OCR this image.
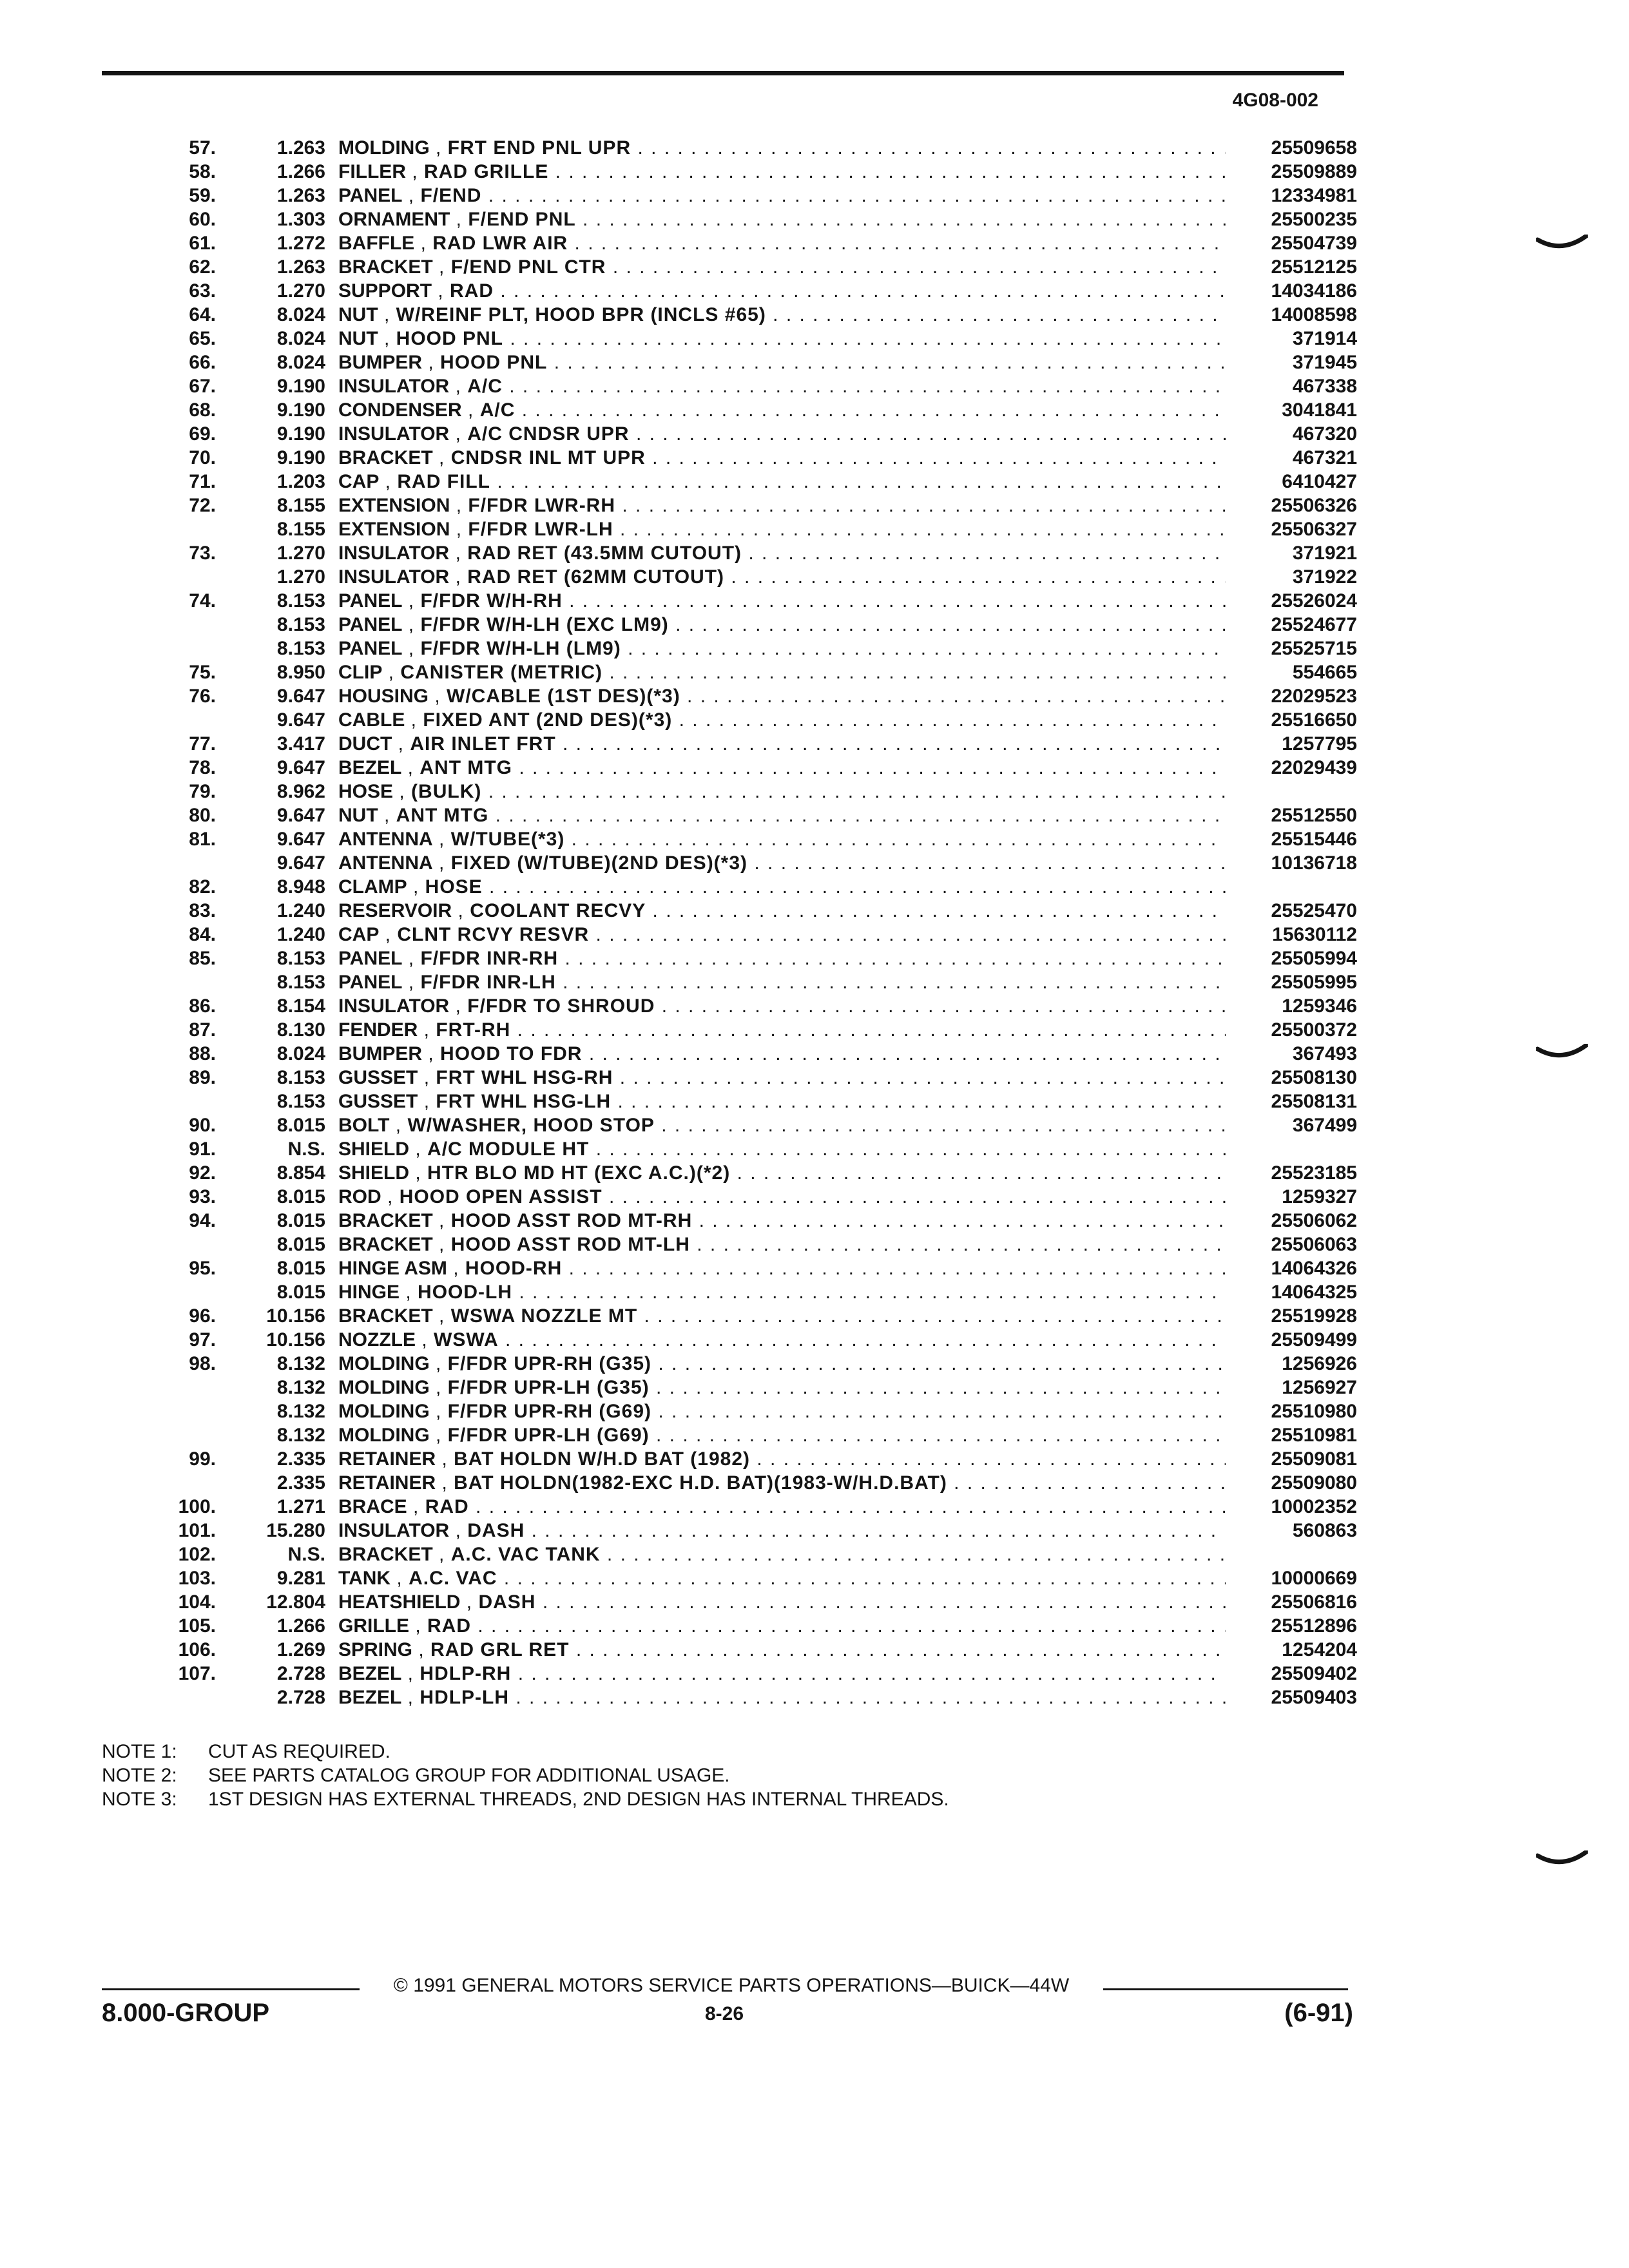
4G08-002
57.	1.263 MOLDING , FRT END PNL UPR . . .	25509658
58.	1.266 FILLER , RAD GRILLE . . .	25509889
59.	1.263 PANEL , F/END . . .	12334981
60.	1.303 ORNAMENT , F/END PNL . . .	25500235
61.	1.272 BAFFLE , RAD LWR AIR . . .	25504739
62.	1.263 BRACKET , F/END PNL CTR . . .	25512125
63.	1.270 SUPPORT , RAD . . .	14034186
64.	8.024 NUT , W/REINF PLT, HOOD BPR (INCLS #65) . . .	14008598
65.	8.024 NUT , HOOD PNL . . .	371914
66.	8.024 BUMPER , HOOD PNL . . .	371945
67.	9.190 INSULATOR , A/C . . .	467338
68.	9.190 CONDENSER , A/C . . .	3041841
69.	9.190 INSULATOR , A/C CNDSR UPR . . .	467320
70.	9.190 BRACKET , CNDSR INL MT UPR . . .	467321
71.	1.203 CAP , RAD FILL . . .	6410427
72.	8.155 EXTENSION , F/FDR LWR-RH . . .	25506326
8.155 EXTENSION , F/FDR LWR-LH . . .	25506327
73.	1.270 INSULATOR , RAD RET (43.5MM CUTOUT) . . .	371921
1.270 INSULATOR , RAD RET (62MM CUTOUT) . . .	371922
74.	8.153 PANEL , F/FDR W/H-RH . . .	25526024
8.153 PANEL , F/FDR W/H-LH (EXC LM9) . . .	25524677
8.153 PANEL , F/FDR W/H-LH (LM9) . . .	25525715
75.	8.950 CLIP , CANISTER (METRIC) . . .	554665
76.	9.647 HOUSING , W/CABLE (1ST DES)(*3) . . .	22029523
9.647 CABLE , FIXED ANT (2ND DES)(*3) . . .	25516650
77.	3.417 DUCT , AIR INLET FRT . . .	1257795
78.	9.647 BEZEL , ANT MTG . . .	22029439
79.	8.962 HOSE , (BULK) . . .
80.	9.647 NUT , ANT MTG . . .	25512550
81.	9.647 ANTENNA , W/TUBE(*3) . . .	25515446
9.647 ANTENNA , FIXED (W/TUBE)(2ND DES)(*3) . . .	10136718
82.	8.948 CLAMP , HOSE . . .
83.	1.240 RESERVOIR , COOLANT RECVY . . .	25525470
84.	1.240 CAP , CLNT RCVY RESVR . . .	15630112
85.	8.153 PANEL , F/FDR INR-RH . . .	25505994
8.153 PANEL , F/FDR INR-LH . . .	25505995
86.	8.154 INSULATOR , F/FDR TO SHROUD . . .	1259346
87.	8.130 FENDER , FRT-RH . . .	25500372
88.	8.024 BUMPER , HOOD TO FDR . . .	367493
89.	8.153 GUSSET , FRT WHL HSG-RH . . .	25508130
8.153 GUSSET , FRT WHL HSG-LH . . .	25508131
90.	8.015 BOLT , W/WASHER, HOOD STOP . . .	367499
91.	N.S. SHIELD , A/C MODULE HT . . .
92.	8.854 SHIELD , HTR BLO MD HT (EXC A.C.)(*2) . . .	25523185
93.	8.015 ROD , HOOD OPEN ASSIST . . .	1259327
94.	8.015 BRACKET , HOOD ASST ROD MT-RH . . .	25506062
8.015 BRACKET , HOOD ASST ROD MT-LH . . .	25506063
95.	8.015 HINGE ASM , HOOD-RH . . .	14064326
8.015 HINGE , HOOD-LH . . .	14064325
96.	10.156 BRACKET , WSWA NOZZLE MT . . .	25519928
97.	10.156 NOZZLE , WSWA . . .	25509499
98.	8.132 MOLDING , F/FDR UPR-RH (G35) . . .	1256926
8.132 MOLDING , F/FDR UPR-LH (G35) . . .	1256927
8.132 MOLDING , F/FDR UPR-RH (G69) . . .	25510980
8.132 MOLDING , F/FDR UPR-LH (G69) . . .	25510981
99.	2.335 RETAINER , BAT HOLDN W/H.D BAT (1982) . . .	25509081
2.335 RETAINER , BAT HOLDN(1982-EXC H.D. BAT)(1983-W/H.D.BAT) . . .	25509080
100.	1.271 BRACE , RAD . . .	10002352
101.	15.280 INSULATOR , DASH . . .	560863
102.	N.S. BRACKET , A.C. VAC TANK . . .
103.	9.281 TANK , A.C. VAC . . .	10000669
104.	12.804 HEATSHIELD , DASH . . .	25506816
105.	1.266 GRILLE , RAD . . .	25512896
106.	1.269 SPRING , RAD GRL RET . . .	1254204
107.	2.728 BEZEL , HDLP-RH . . .	25509402
2.728 BEZEL , HDLP-LH . . .	25509403
NOTE 1:	CUT AS REQUIRED.
NOTE 2:	SEE PARTS CATALOG GROUP FOR ADDITIONAL USAGE.
NOTE 3:	1ST DESIGN HAS EXTERNAL THREADS, 2ND DESIGN HAS INTERNAL THREADS.
© 1991 GENERAL MOTORS SERVICE PARTS OPERATIONS—BUICK—44W
8.000-GROUP	8-26	(6-91)
